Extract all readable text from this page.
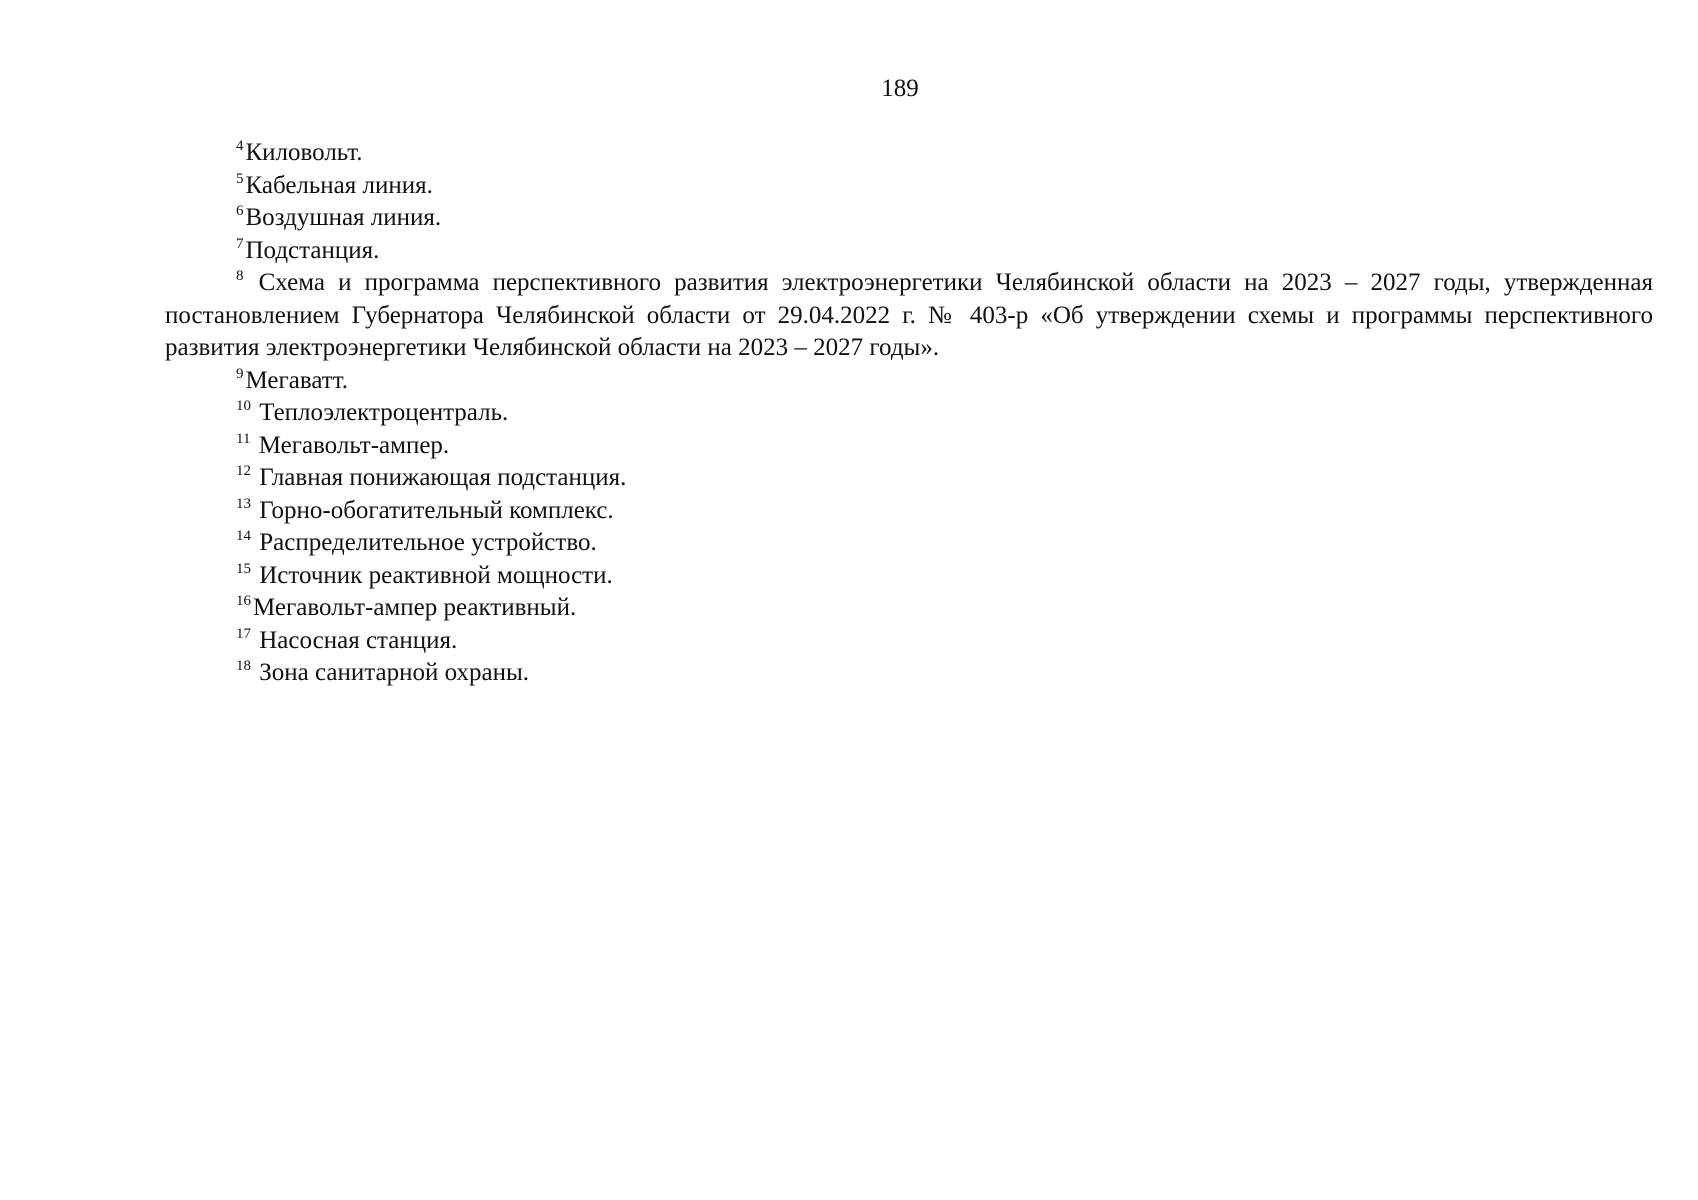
189

$^4$Киловольт.

$^5$Кабельная линия.

$^6$Воздушная линия.

$^7$Подстанция.

$^8$ Схема и программа перспективного развития электроэнергетики Челябинской области на 2023 – 2027 годы, утвержденная постановлением Губернатора Челябинской области от 29.04.2022 г. № 403-р «Об утверждении схемы и программы перспективного развития электроэнергетики Челябинской области на 2023 – 2027 годы».

$^9$Мегаватт.

$^{10}$ Теплоэлектроцентраль.

$^{11}$ Мегавольт-ампер.

$^{12}$ Главная понижающая подстанция.

$^{13}$ Горно-обогатительный комплекс.

$^{14}$ Распределительное устройство.

$^{15}$ Источник реактивной мощности.

$^{16}$Мегавольт-ампер реактивный.

$^{17}$ Насосная станция.

$^{18}$ Зона санитарной охраны.
